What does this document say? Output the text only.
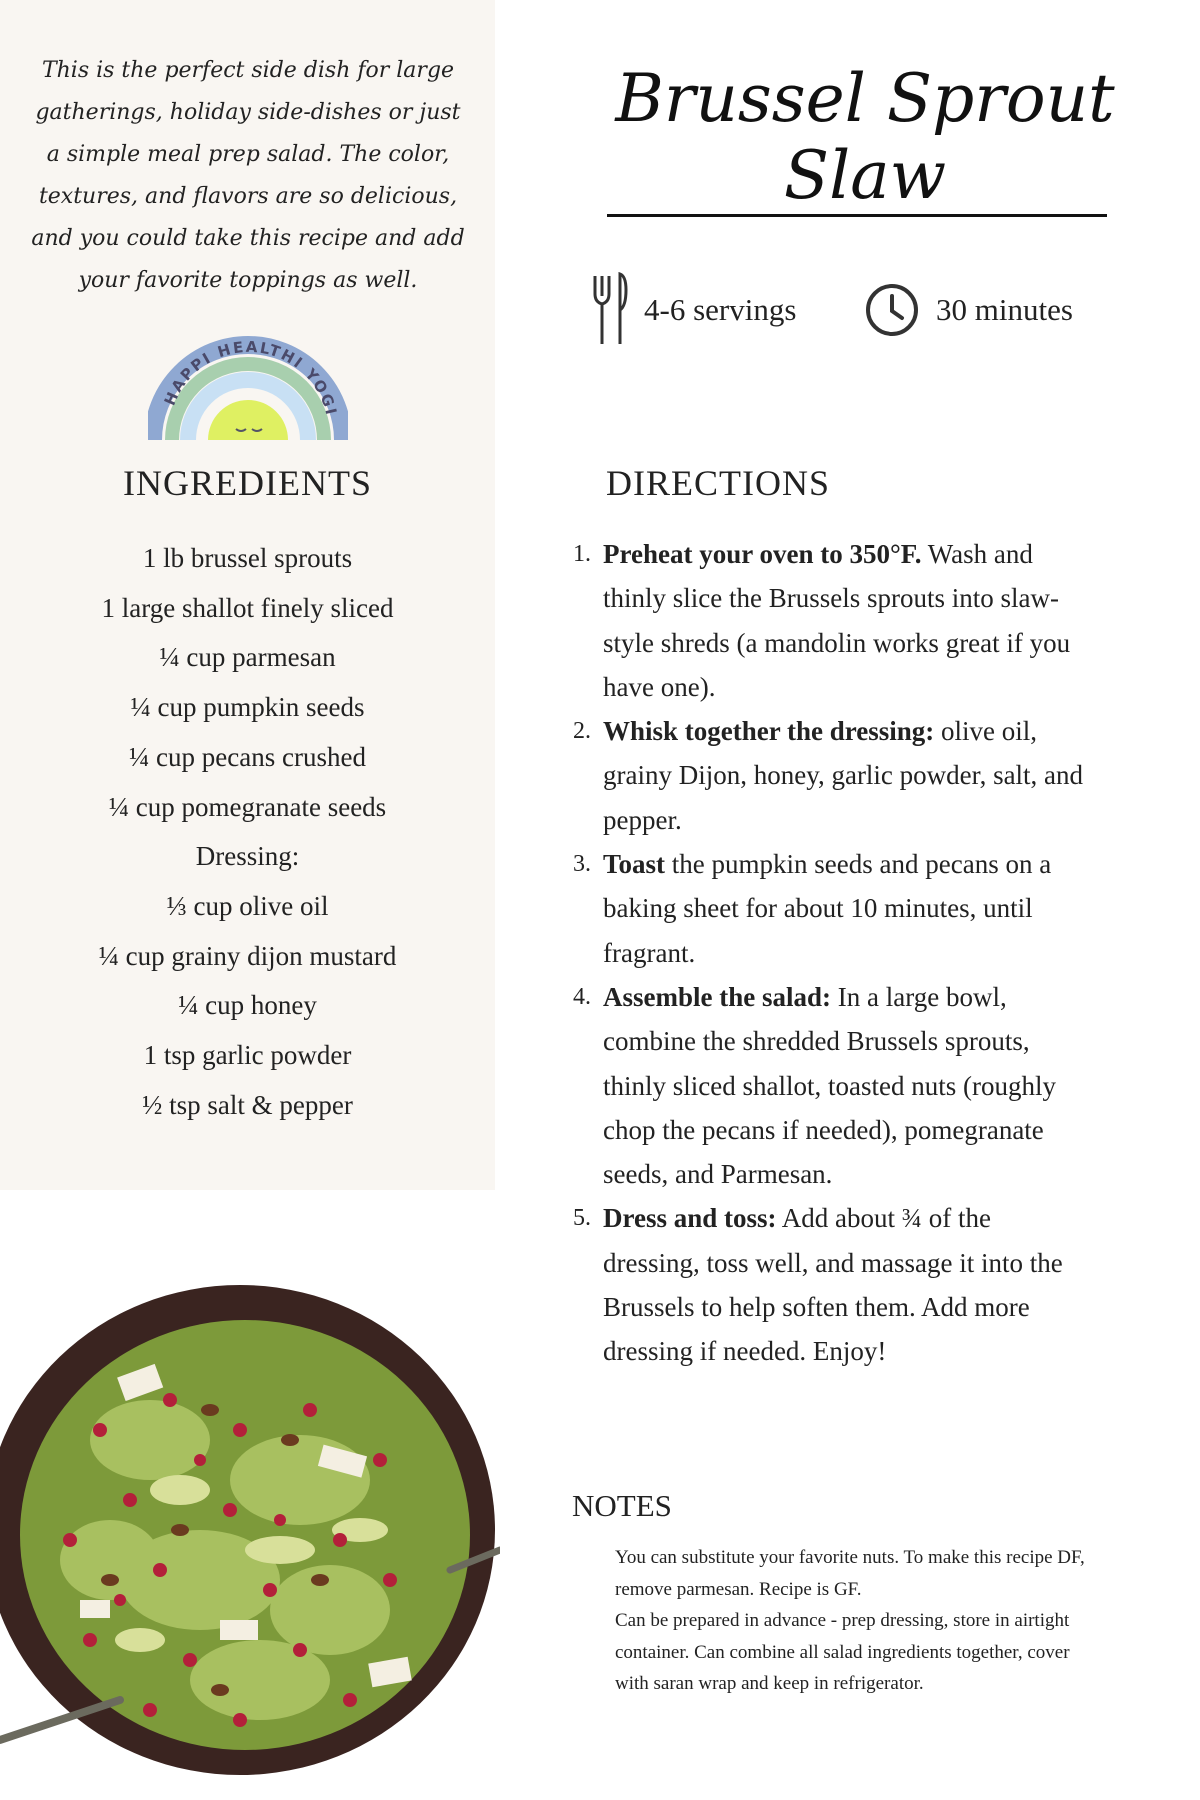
This is the perfect side dish for large gatherings, holiday side-dishes or just a simple meal prep salad. The color, textures, and flavors are so delicious, and you could take this recipe and add your favorite toppings as well.
HAPPI HEALTHI YOGI
INGREDIENTS
1 lb brussel sprouts
1 large shallot finely sliced
¼ cup parmesan
¼ cup pumpkin seeds
¼ cup pecans crushed
¼ cup pomegranate seeds
Dressing:
⅓ cup olive oil
¼ cup grainy dijon mustard
¼ cup honey
1 tsp garlic powder
½ tsp salt & pepper
Brussel Sprout Slaw
4-6 servings	30 minutes
DIRECTIONS
1. Preheat your oven to 350°F. Wash and thinly slice the Brussels sprouts into slaw-style shreds (a mandolin works great if you have one).
2. Whisk together the dressing: olive oil, grainy Dijon, honey, garlic powder, salt, and pepper.
3. Toast the pumpkin seeds and pecans on a baking sheet for about 10 minutes, until fragrant.
4. Assemble the salad: In a large bowl, combine the shredded Brussels sprouts, thinly sliced shallot, toasted nuts (roughly chop the pecans if needed), pomegranate seeds, and Parmesan.
5. Dress and toss: Add about ¾ of the dressing, toss well, and massage it into the Brussels to help soften them. Add more dressing if needed. Enjoy!
NOTES

You can substitute your favorite nuts. To make this recipe DF, remove parmesan. Recipe is GF.

Can be prepared in advance - prep dressing, store in airtight container. Can combine all salad ingredients together, cover with saran wrap and keep in refrigerator.
